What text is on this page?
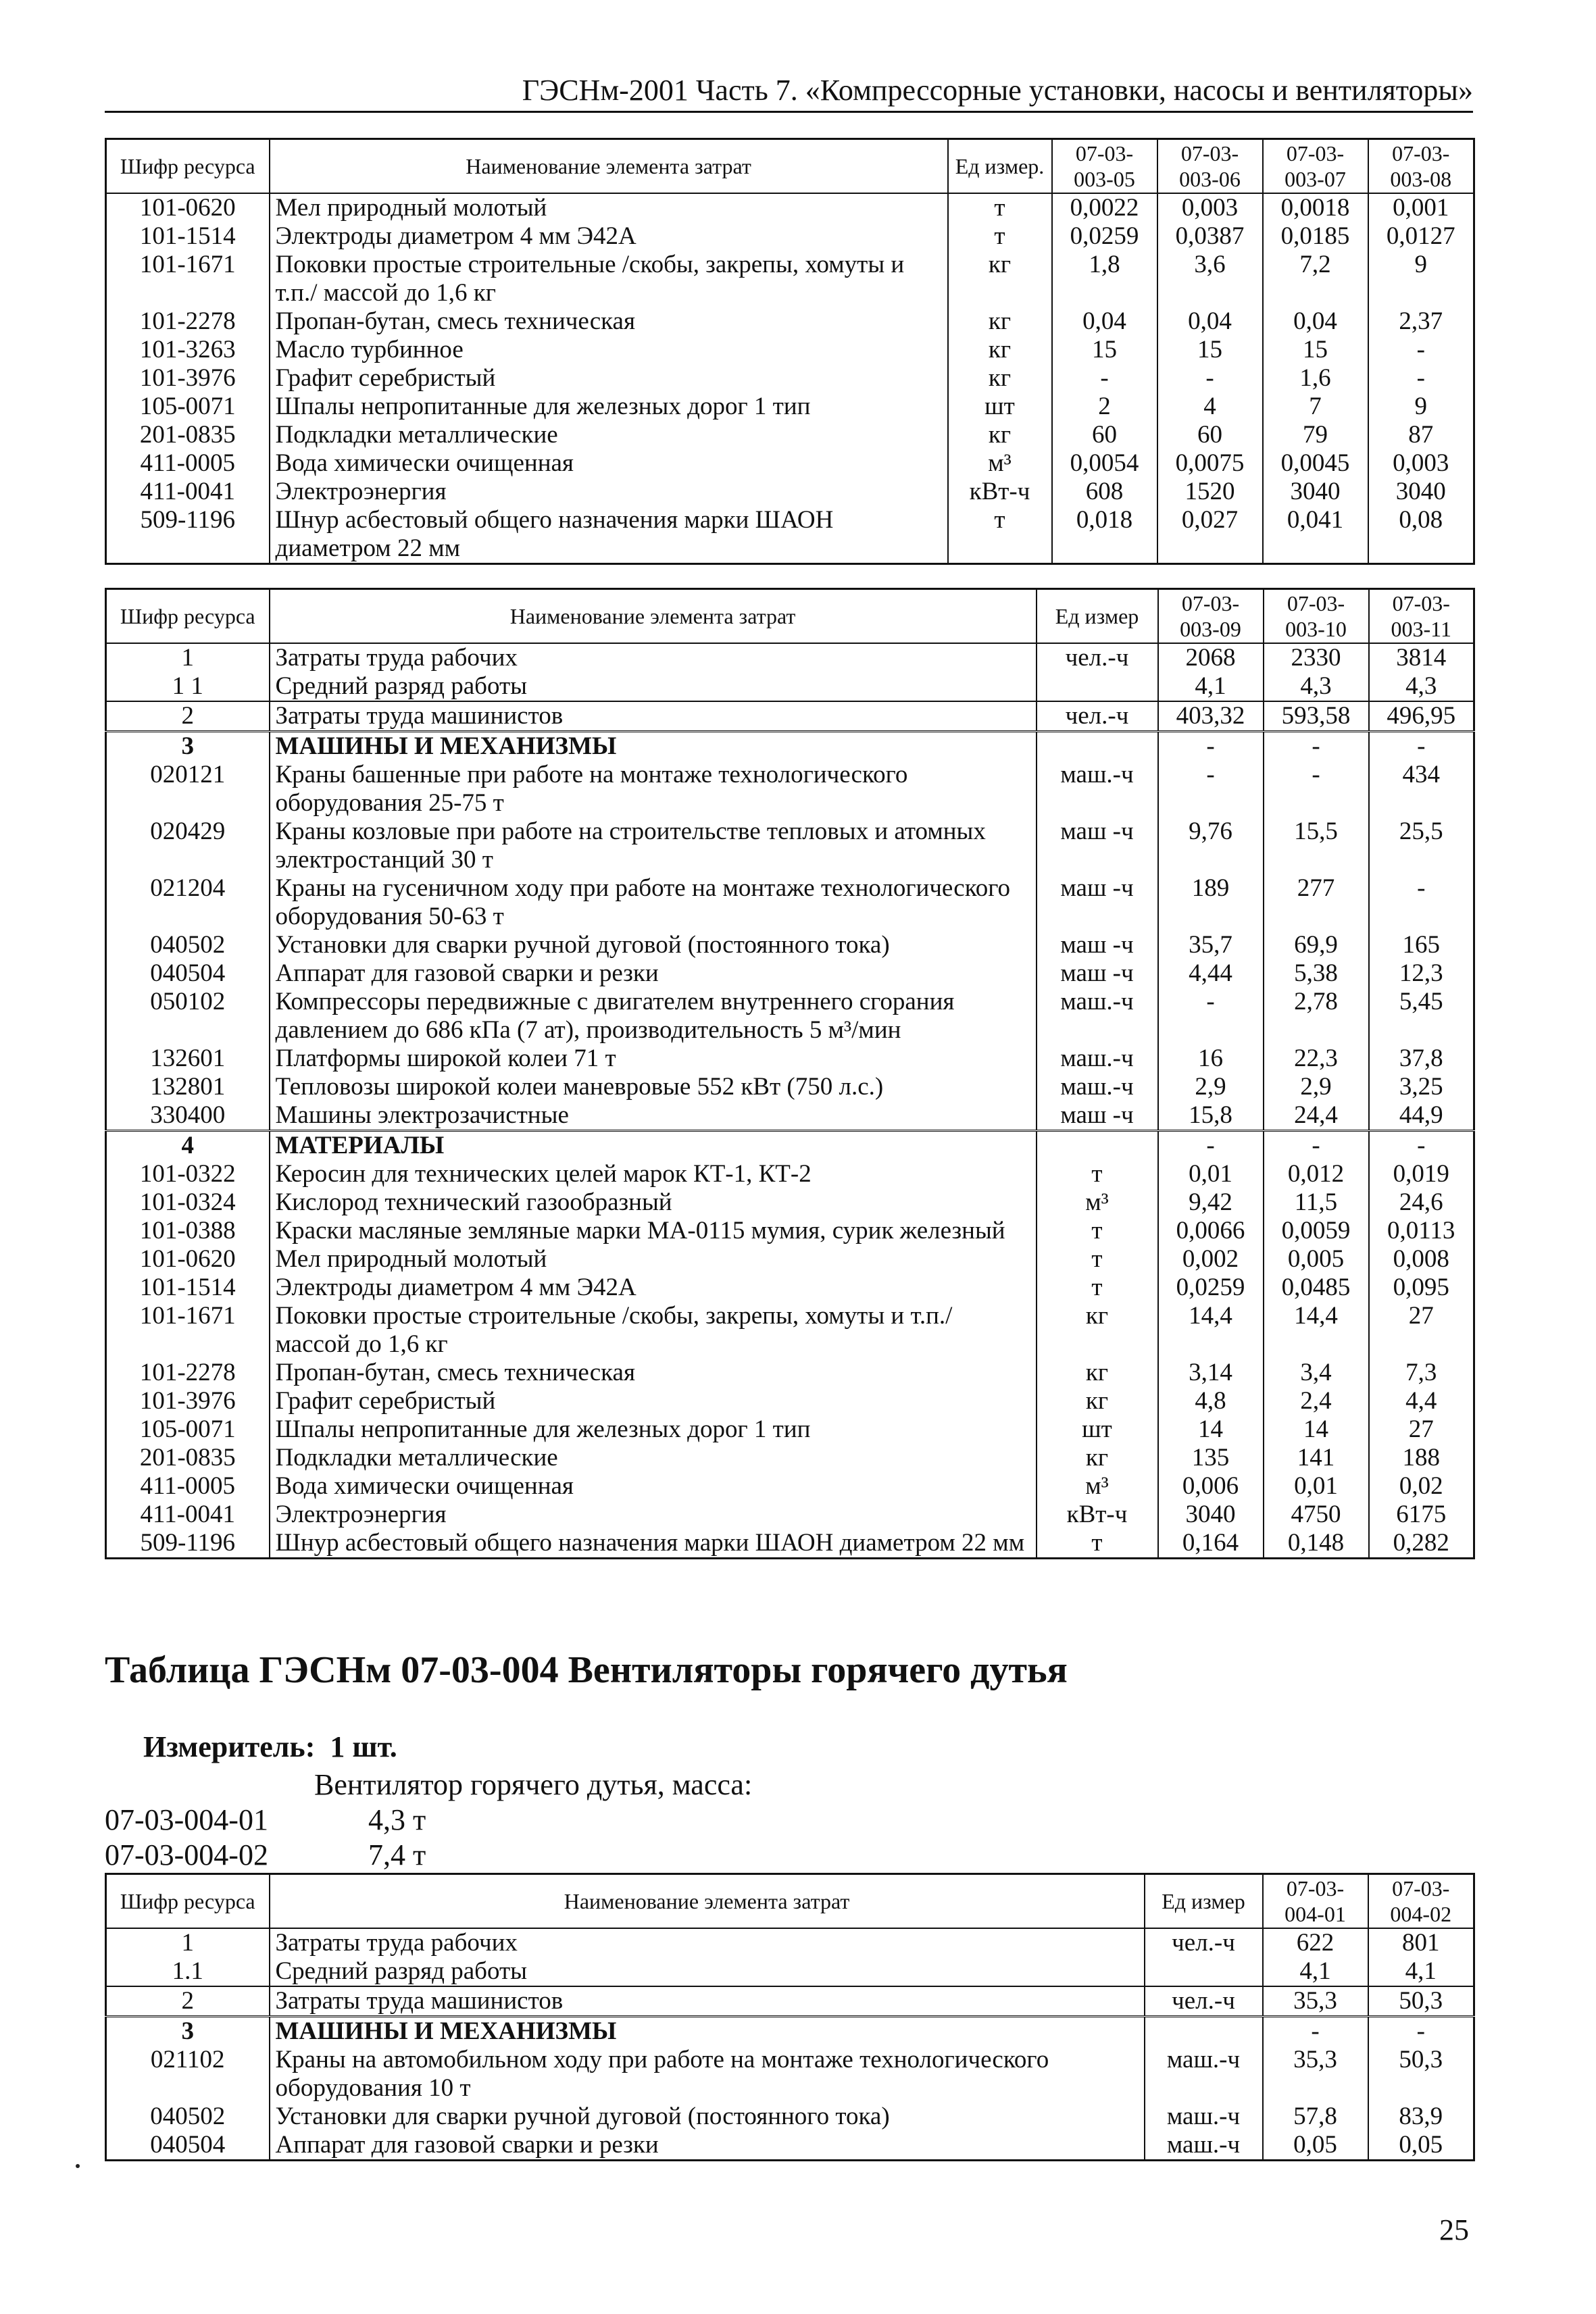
ГЭСНм-2001 Часть 7. «Компрессорные установки, насосы и вентиляторы»
Шифр ресурса	Наименование элемента затрат	Ед измер.	07-03-003-05	07-03-003-06	07-03-003-07	07-03-003-08
101-0620	Мел природный молотый	т	0,0022	0,003	0,0018	0,001
101-1514	Электроды диаметром 4 мм Э42А	т	0,0259	0,0387	0,0185	0,0127
101-1671	Поковки простые строительные /скобы, закрепы, хомуты и т.п./ массой до 1,6 кг	кг	1,8	3,6	7,2	9
101-2278	Пропан-бутан, смесь техническая	кг	0,04	0,04	0,04	2,37
101-3263	Масло турбинное	кг	15	15	15	-
101-3976	Графит серебристый	кг	-	-	1,6	-
105-0071	Шпалы непропитанные для железных дорог 1 тип	шт	2	4	7	9
201-0835	Подкладки металлические	кг	60	60	79	87
411-0005	Вода химически очищенная	м³	0,0054	0,0075	0,0045	0,003
411-0041	Электроэнергия	кВт-ч	608	1520	3040	3040
509-1196	Шнур асбестовый общего назначения марки ШАОН диаметром 22 мм	т	0,018	0,027	0,041	0,08
Шифр ресурса	Наименование элемента затрат	Ед измер	07-03-003-09	07-03-003-10	07-03-003-11
1	Затраты труда рабочих	чел.-ч	2068	2330	3814
1 1	Средний разряд работы		4,1	4,3	4,3
2	Затраты труда машинистов	чел.-ч	403,32	593,58	496,95
3	МАШИНЫ И МЕХАНИЗМЫ		-	-	-
020121	Краны башенные при работе на монтаже технологического оборудования 25-75 т	маш.-ч	-	-	434
020429	Краны козловые при работе на строительстве тепловых и атомных электростанций 30 т	маш -ч	9,76	15,5	25,5
021204	Краны на гусеничном ходу при работе на монтаже технологического оборудования 50-63 т	маш -ч	189	277	-
040502	Установки для сварки ручной дуговой (постоянного тока)	маш -ч	35,7	69,9	165
040504	Аппарат для газовой сварки и резки	маш -ч	4,44	5,38	12,3
050102	Компрессоры передвижные с двигателем внутреннего сгорания давлением до 686 кПа (7 ат), производительность 5 м³/мин	маш.-ч	-	2,78	5,45
132601	Платформы широкой колеи 71 т	маш.-ч	16	22,3	37,8
132801	Тепловозы широкой колеи маневровые 552 кВт (750 л.с.)	маш.-ч	2,9	2,9	3,25
330400	Машины электрозачистные	маш -ч	15,8	24,4	44,9
4	МАТЕРИАЛЫ		-	-	-
101-0322	Керосин для технических целей марок КТ-1, КТ-2	т	0,01	0,012	0,019
101-0324	Кислород технический газообразный	м³	9,42	11,5	24,6
101-0388	Краски масляные земляные марки МА-0115 мумия, сурик железный	т	0,0066	0,0059	0,0113
101-0620	Мел природный молотый	т	0,002	0,005	0,008
101-1514	Электроды диаметром 4 мм Э42А	т	0,0259	0,0485	0,095
101-1671	Поковки простые строительные /скобы, закрепы, хомуты и т.п./ массой до 1,6 кг	кг	14,4	14,4	27
101-2278	Пропан-бутан, смесь техническая	кг	3,14	3,4	7,3
101-3976	Графит серебристый	кг	4,8	2,4	4,4
105-0071	Шпалы непропитанные для железных дорог 1 тип	шт	14	14	27
201-0835	Подкладки металлические	кг	135	141	188
411-0005	Вода химически очищенная	м³	0,006	0,01	0,02
411-0041	Электроэнергия	кВт-ч	3040	4750	6175
509-1196	Шнур асбестовый общего назначения марки ШАОН диаметром 22 мм	т	0,164	0,148	0,282
Таблица ГЭСНм 07-03-004 Вентиляторы горячего дутья
Измеритель: 1 шт.
Вентилятор горячего дутья, масса:
07-03-004-01	4,3 т
07-03-004-02	7,4 т
Шифр ресурса	Наименование элемента затрат	Ед измер	07-03-004-01	07-03-004-02
1	Затраты труда рабочих	чел.-ч	622	801
1.1	Средний разряд работы		4,1	4,1
2	Затраты труда машинистов	чел.-ч	35,3	50,3
3	МАШИНЫ И МЕХАНИЗМЫ		-	-
021102	Краны на автомобильном ходу при работе на монтаже технологического оборудования 10 т	маш.-ч	35,3	50,3
040502	Установки для сварки ручной дуговой (постоянного тока)	маш.-ч	57,8	83,9
040504	Аппарат для газовой сварки и резки	маш.-ч	0,05	0,05
25
